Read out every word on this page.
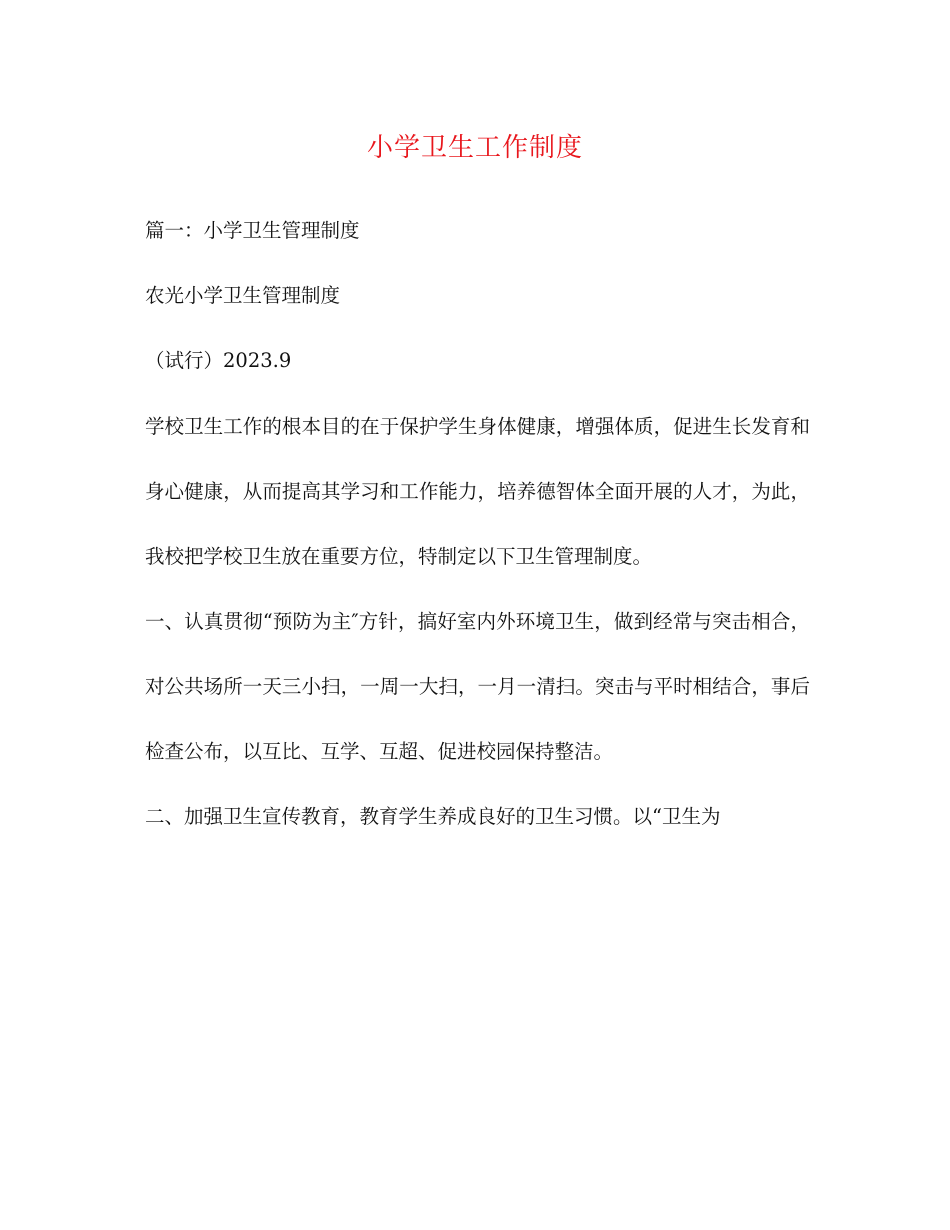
小学卫生工作制度
篇一：小学卫生管理制度
农光小学卫生管理制度
（试行）2023.9
学校卫生工作的根本目的在于保护学生身体健康，增强体质，促进生长发育和身心健康，从而提高其学习和工作能力，培养德智体全面开展的人才，为此，我校把学校卫生放在重要方位，特制定以下卫生管理制度。
一、认真贯彻“预防为主″方针，搞好室内外环境卫生，做到经常与突击相合，对公共场所一天三小扫，一周一大扫，一月一清扫。突击与平时相结合，事后检查公布，以互比、互学、互超、促进校园保持整洁。
二、加强卫生宣传教育，教育学生养成良好的卫生习惯。以“卫生为
